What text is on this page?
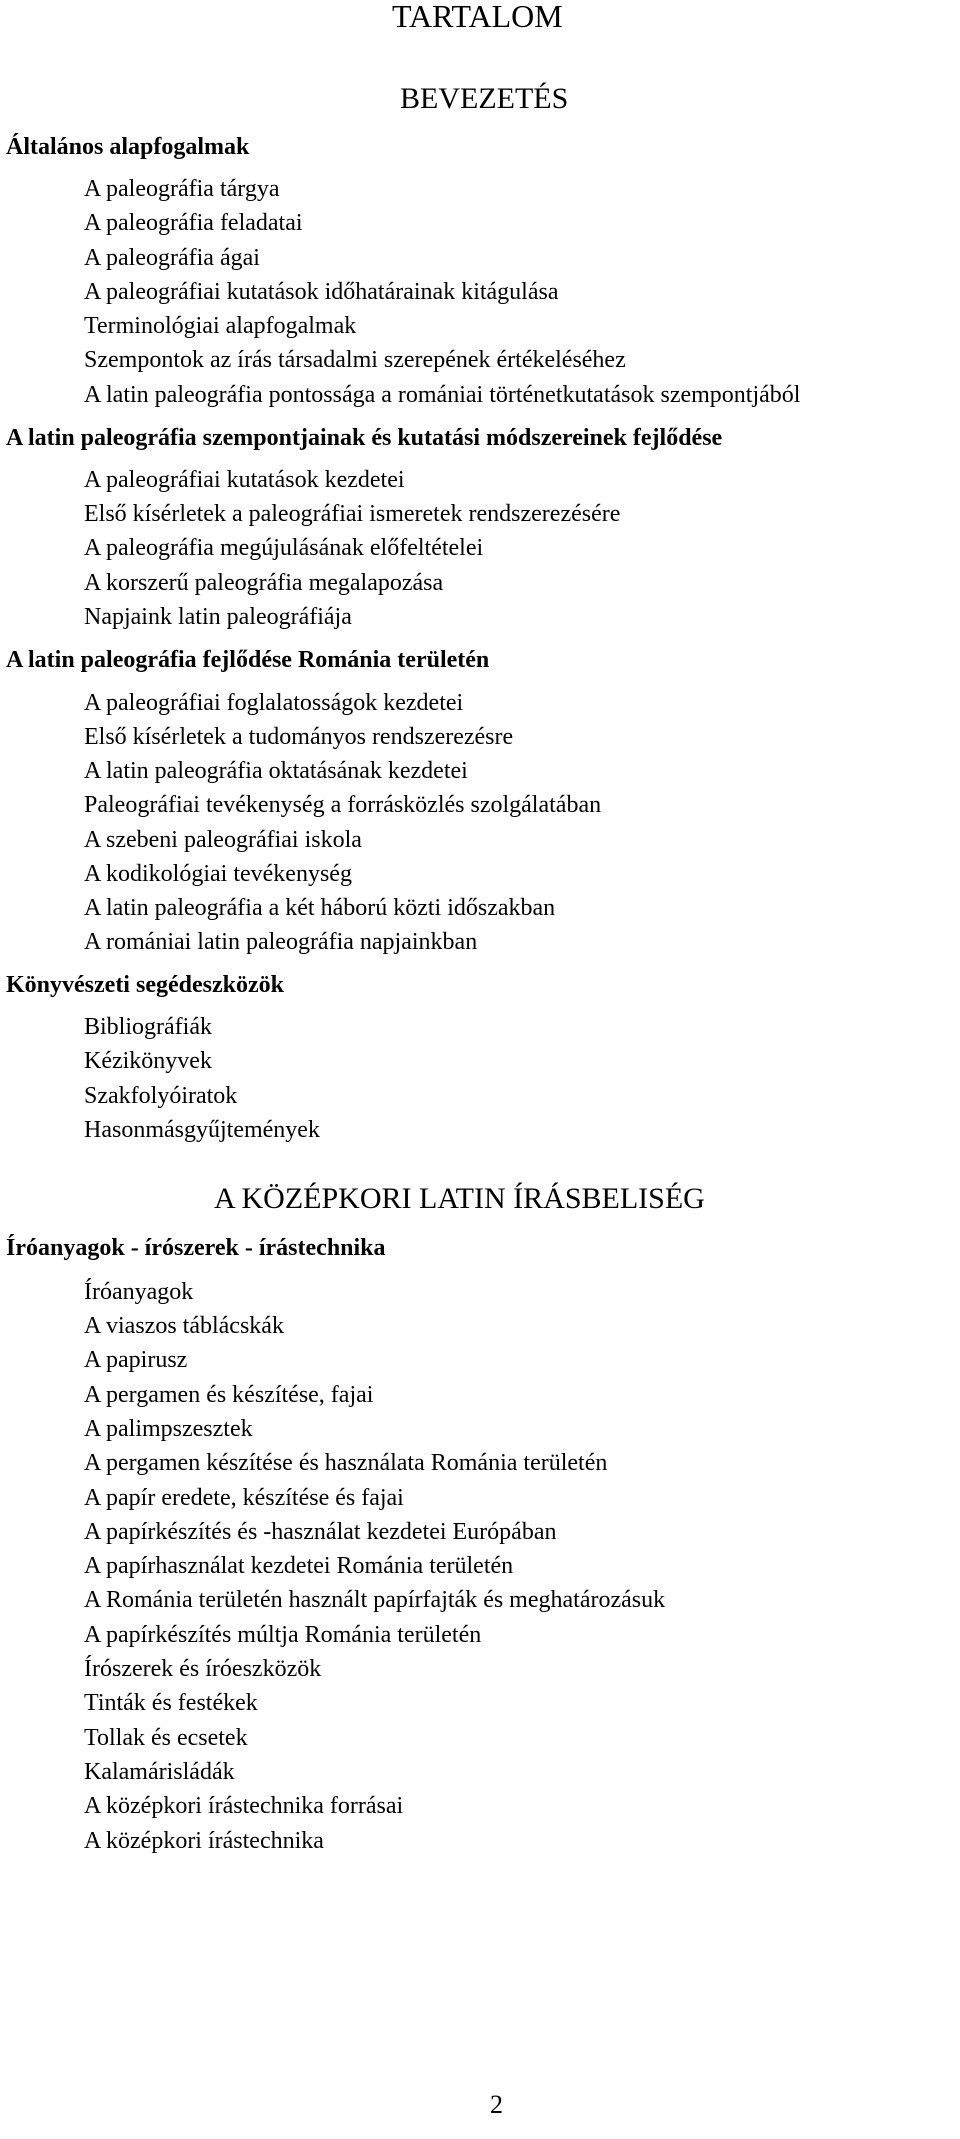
TARTALOM
BEVEZETÉS
Általános alapfogalmak
A paleográfia tárgya
A paleográfia feladatai
A paleográfia ágai
A paleográfiai kutatások időhatárainak kitágulása
Terminológiai alapfogalmak
Szempontok az írás társadalmi szerepének értékeléséhez
A latin paleográfia pontossága a romániai történetkutatások szempontjából
A latin paleográfia szempontjainak és kutatási módszereinek fejlődése
A paleográfiai kutatások kezdetei
Első kísérletek a paleográfiai ismeretek rendszerezésére
A paleográfia megújulásának előfeltételei
A korszerű paleográfia megalapozása
Napjaink latin paleográfiája
A latin paleográfia fejlődése Románia területén
A paleográfiai foglalatosságok kezdetei
Első kísérletek a tudományos rendszerezésre
A latin paleográfia oktatásának kezdetei
Paleográfiai tevékenység a forrásközlés szolgálatában
A szebeni paleográfiai iskola
A kodikológiai tevékenység
A latin paleográfia a két háború közti időszakban
A romániai latin paleográfia napjainkban
Könyvészeti segédeszközök
Bibliográfiák
Kézikönyvek
Szakfolyóiratok
Hasonmásgyűjtemények
A KÖZÉPKORI LATIN ÍRÁSBELISÉG
Íróanyagok - írószerek - írástechnika
Íróanyagok
A viaszos táblácskák
A papirusz
A pergamen és készítése, fajai
A palimpszesztek
A pergamen készítése és használata Románia területén
A papír eredete, készítése és fajai
A papírkészítés és -használat kezdetei Európában
A papírhasználat kezdetei Románia területén
A Románia területén használt papírfajták és meghatározásuk
A papírkészítés múltja Románia területén
Írószerek és íróeszközök
Tinták és festékek
Tollak és ecsetek
Kalamárisládák
A középkori írástechnika forrásai
A középkori írástechnika
2
